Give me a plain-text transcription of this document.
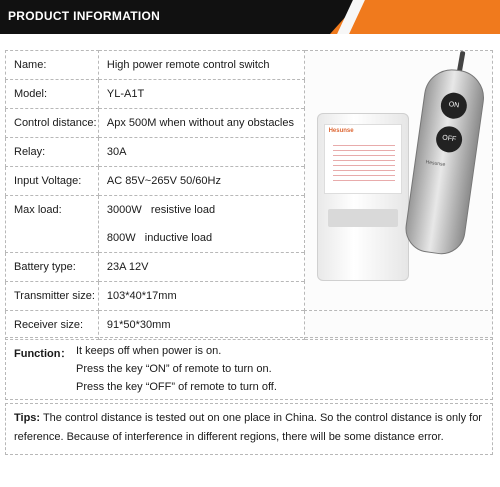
PRODUCT INFORMATION
Name:	High power remote control switch	Hesunse
ON
OFF
Hesunse

Model:	YL-A1T	
Control distance:	Apx 500M when without any obstacles	
Relay:	30A	
Input Voltage:	AC 85V~265V 50/60Hz	
Max load:	3000W   resistive load
800W   inductive load	

Battery type:	23A 12V	
Transmitter size:	103*40*17mm	
Receiver size:	91*50*30mm	
Function： It keeps off when power is on.
Press the key “ON” of remote to turn on.
Press the key “OFF” of remote to turn off.
Tips: The control distance is tested out on one place in China. So the control distance is only for reference. Because of interference in different regions, there will be some distance error.
